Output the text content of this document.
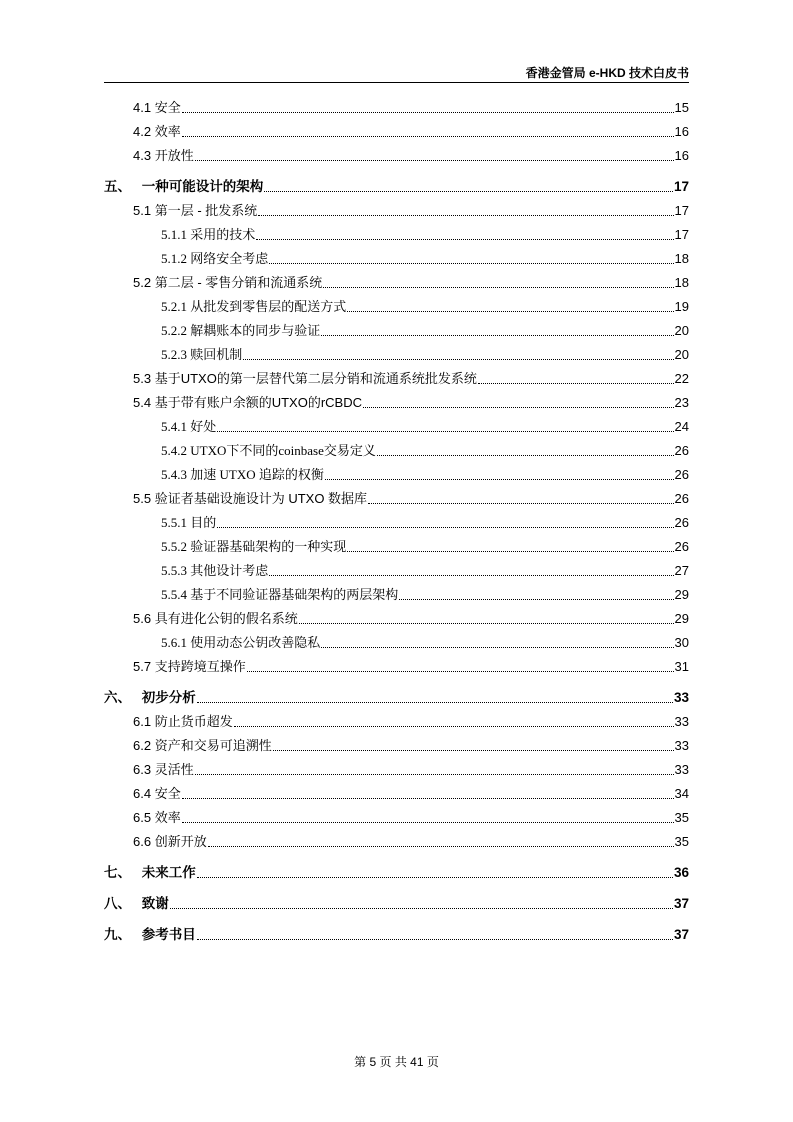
香港金管局 e-HKD 技术白皮书
4.1 安全	15
4.2 效率	16
4.3 开放性	16
五、 一种可能设计的架构	17
5.1 第一层 - 批发系统	17
5.1.1 采用的技术	17
5.1.2 网络安全考虑	18
5.2 第二层 - 零售分销和流通系统	18
5.2.1 从批发到零售层的配送方式	19
5.2.2 解耦账本的同步与验证	20
5.2.3 赎回机制	20
5.3 基于UTXO的第一层替代第二层分销和流通系统批发系统	22
5.4 基于带有账户余额的UTXO的rCBDC	23
5.4.1 好处	24
5.4.2 UTXO下不同的coinbase交易定义	26
5.4.3 加速 UTXO 追踪的权衡	26
5.5 验证者基础设施设计为 UTXO 数据库	26
5.5.1 目的	26
5.5.2 验证器基础架构的一种实现	26
5.5.3 其他设计考虑	27
5.5.4 基于不同验证器基础架构的两层架构	29
5.6 具有进化公钥的假名系统	29
5.6.1 使用动态公钥改善隐私	30
5.7 支持跨境互操作	31
六、 初步分析	33
6.1 防止货币超发	33
6.2 资产和交易可追溯性	33
6.3 灵活性	33
6.4 安全	34
6.5 效率	35
6.6 创新开放	35
七、 未来工作	36
八、 致谢	37
九、 参考书目	37
第 5 页 共 41 页
